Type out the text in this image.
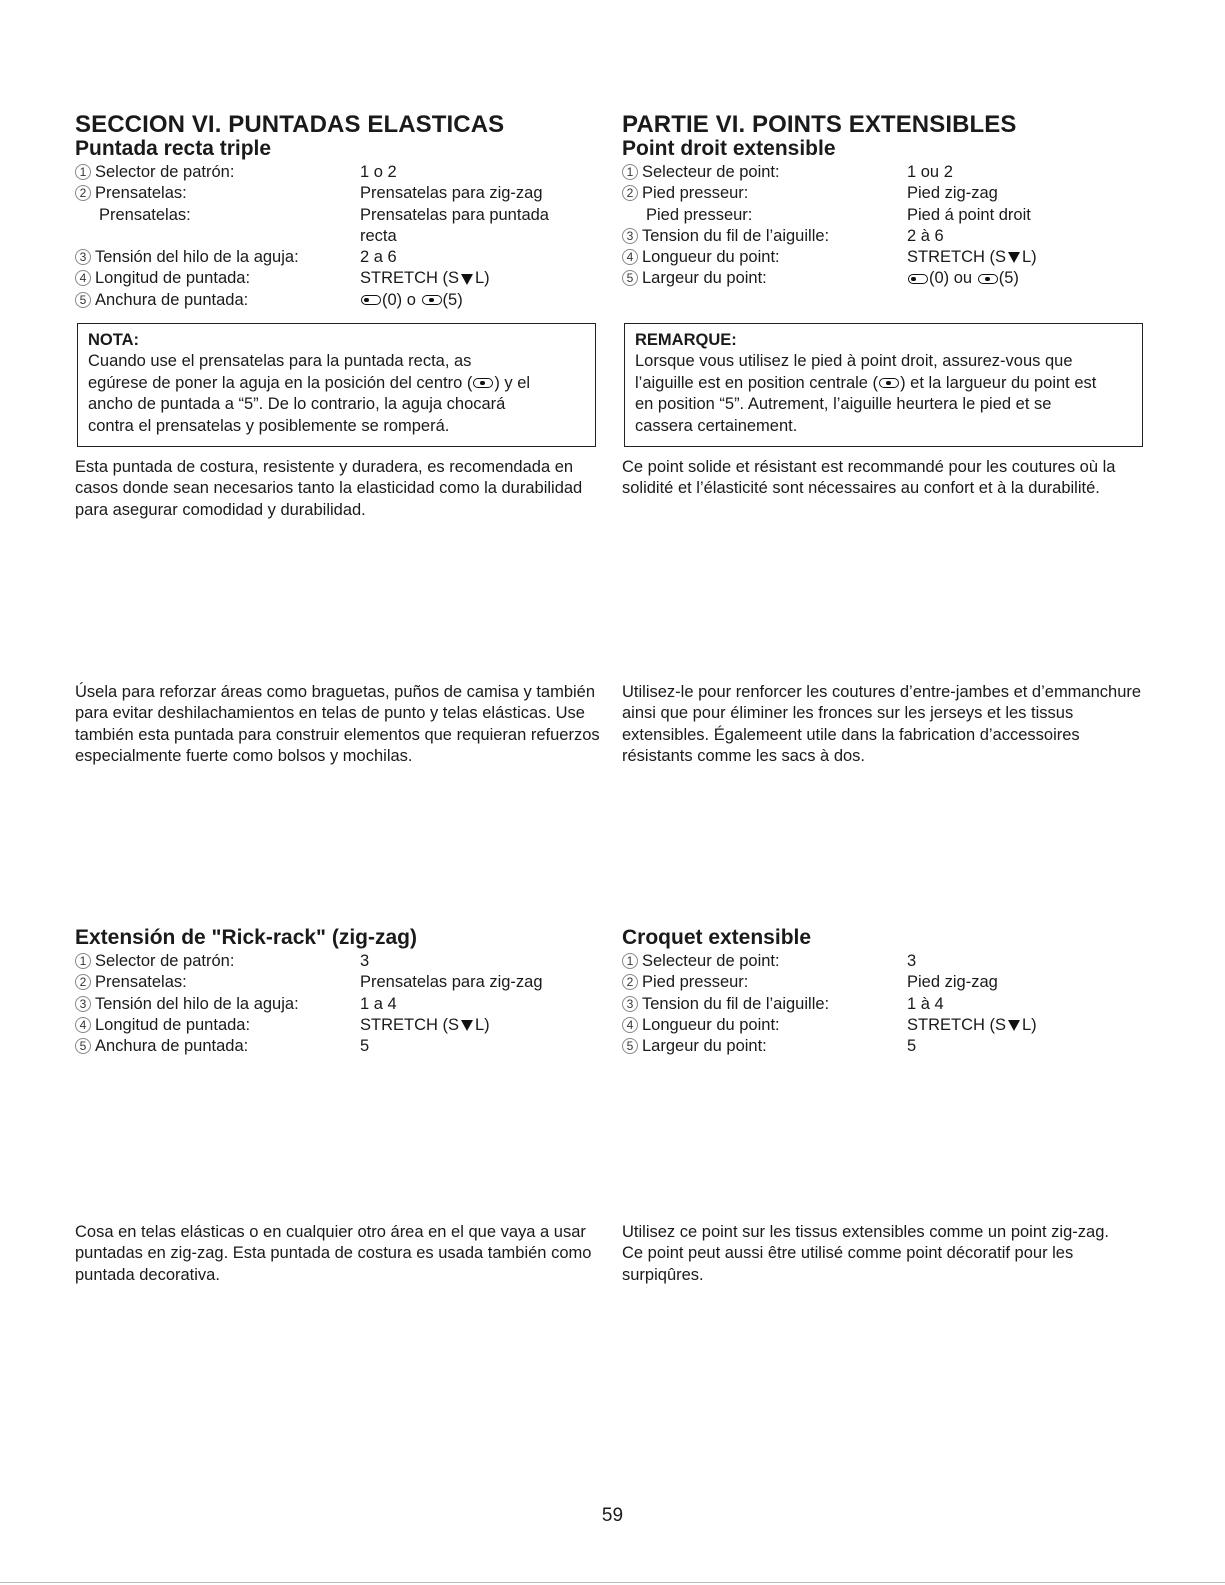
SECCION VI. PUNTADAS ELASTICAS
Puntada recta triple
1 Selector de patrón:	1 o 2
2 Prensatelas:	Prensatelas para zig-zag
Prensatelas:	Prensatelas para puntada
recta
3 Tensión del hilo de la aguja:	2 a 6
4 Longitud de puntada:	STRETCH (S L)
5 Anchura de puntada:	(0) o (5)
NOTA:
Cuando use el prensatelas para la puntada recta, as
egúrese de poner la aguja en la posición del centro ( ) y el
ancho de puntada a “5”. De lo contrario, la aguja chocará
contra el prensatelas y posiblemente se romperá.
Esta puntada de costura, resistente y duradera, es recomendada en casos donde sean necesarios tanto la elasticidad como la durabilidad para asegurar comodidad y durabilidad.
Úsela para reforzar áreas como braguetas, puños de camisa y también para evitar deshilachamientos en telas de punto y telas elásticas. Use también esta puntada para construir elementos que requieran refuerzos especialmente fuerte como bolsos y mochilas.
Extensión de "Rick-rack" (zig-zag)
1 Selector de patrón:	3
2 Prensatelas:	Prensatelas para zig-zag
3 Tensión del hilo de la aguja:	1 a 4
4 Longitud de puntada:	STRETCH (S L)
5 Anchura de puntada:	5
Cosa en telas elásticas o en cualquier otro área en el que vaya a usar puntadas en zig-zag. Esta puntada de costura es usada también como puntada decorativa.
PARTIE VI. POINTS EXTENSIBLES
Point droit extensible
1 Selecteur de point:	1 ou 2
2 Pied presseur:	Pied zig-zag
Pied presseur:	Pied á point droit
3 Tension du fil de l’aiguille:	2 à 6
4 Longueur du point:	STRETCH (S L)
5 Largeur du point:	(0) ou (5)
REMARQUE:
Lorsque vous utilisez le pied à point droit, assurez-vous que
l’aiguille est en position centrale ( ) et la largueur du point est
en position “5”. Autrement, l’aiguille heurtera le pied et se
cassera certainement.
Ce point solide et résistant est recommandé pour les coutures où la solidité et l’élasticité sont nécessaires au confort et à la durabilité.
Utilisez-le pour renforcer les coutures d’entre-jambes et d’emmanchure ainsi que pour éliminer les fronces sur les jerseys et les tissus extensibles. Égalemeent utile dans la fabrication d’accessoires résistants comme les sacs à dos.
Croquet extensible
1 Selecteur de point:	3
2 Pied presseur:	Pied zig-zag
3 Tension du fil de l’aiguille:	1 à 4
4 Longueur du point:	STRETCH (S L)
5 Largeur du point:	5
Utilisez ce point sur les tissus extensibles comme un point zig-zag. Ce point peut aussi être utilisé comme point décoratif pour les surpiqûres.
59
